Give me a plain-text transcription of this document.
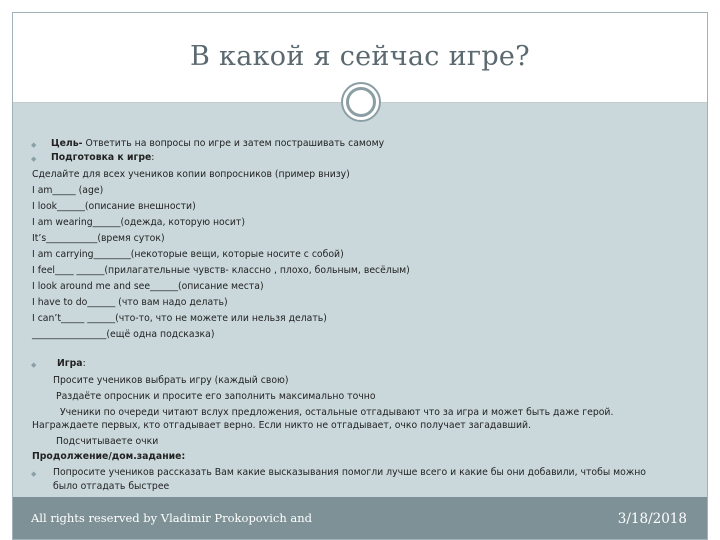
В какой я сейчас игре?
◆ Цель- Ответить на вопросы по игре и затем пострашивать самому
◆ Подготовка к игре:
Сделайте для всех учеников копии вопросников (пример внизу)
I am_____ (age)
I look______(описание внешности)
I am wearing______(одежда, которую носит)
It’s___________(время суток)
I am carrying________(некоторые вещи, которые носите с собой)
I feel____ ______(прилагательные чувств- классно , плохо, больным, весёлым)
I look around me and see______(описание места)
I have to do______ (что вам надо делать)
I can’t_____ ______(что-то, что не можете или нельзя делать)
________________(ещё одна подсказка)
◆ Игра:
Просите учеников выбрать игру (каждый свою)
Раздаёте опросник и просите его заполнить максимально точно
Ученики по очереди читают вслух предложения, остальные отгадывают что за игра и может быть даже герой.
Награждаете первых, кто отгадывает верно. Если никто не отгадывает, очко получает загадавший.
Подсчитываете очки
Продолжение/дом.задание:
◆ Попросите учеников рассказать Вам какие высказывания помогли лучше всего и какие бы они добавили, чтобы можно
было отгадать быстрее
All rights reserved by Vladimir Prokopovich and	3/18/2018
